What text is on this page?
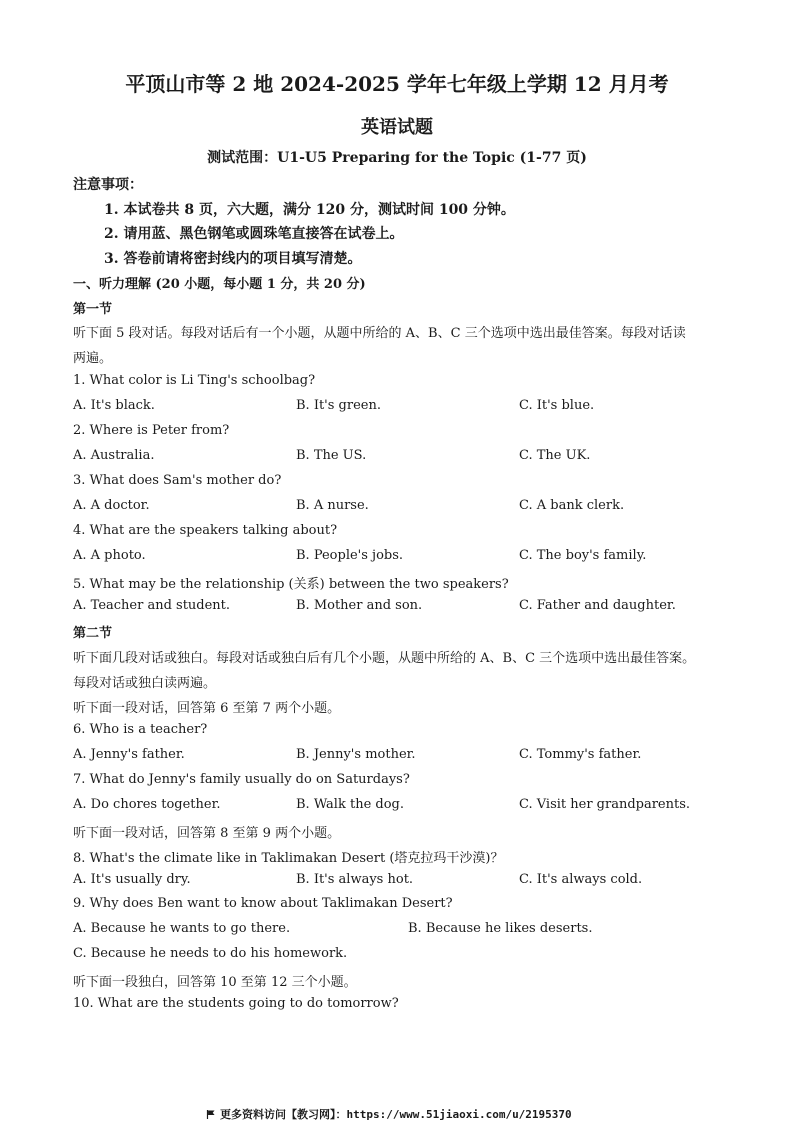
平顶山市等 2 地 2024-2025 学年七年级上学期 12 月月考
英语试题
测试范围：U1-U5 Preparing for the Topic (1-77 页)
注意事项：
1. 本试卷共 8 页，六大题，满分 120 分，测试时间 100 分钟。
2. 请用蓝、黑色钢笔或圆珠笔直接答在试卷上。
3. 答卷前请将密封线内的项目填写清楚。
一、听力理解 (20 小题，每小题 1 分，共 20 分)
第一节
听下面 5 段对话。每段对话后有一个小题，从题中所给的 A、B、C 三个选项中选出最佳答案。每段对话读
两遍。
1. What color is Li Ting's schoolbag?
A. It's black.	B. It's green.	C. It's blue.
2. Where is Peter from?
A. Australia.	B. The US.	C. The UK.
3. What does Sam's mother do?
A. A doctor.	B. A nurse.	C. A bank clerk.
4. What are the speakers talking about?
A. A photo.	B. People's jobs.	C. The boy's family.
5. What may be the relationship (关系) between the two speakers?
A. Teacher and student.	B. Mother and son.	C. Father and daughter.
第二节
听下面几段对话或独白。每段对话或独白后有几个小题，从题中所给的 A、B、C 三个选项中选出最佳答案。
每段对话或独白读两遍。
听下面一段对话，回答第 6 至第 7 两个小题。
6. Who is a teacher?
A. Jenny's father.	B. Jenny's mother.	C. Tommy's father.
7. What do Jenny's family usually do on Saturdays?
A. Do chores together.	B. Walk the dog.	C. Visit her grandparents.
听下面一段对话，回答第 8 至第 9 两个小题。
8. What's the climate like in Taklimakan Desert (塔克拉玛干沙漠)？
A. It's usually dry.	B. It's always hot.	C. It's always cold.
9. Why does Ben want to know about Taklimakan Desert?
A. Because he wants to go there.	B. Because he likes deserts.
C. Because he needs to do his homework.
听下面一段独白，回答第 10 至第 12 三个小题。
10. What are the students going to do tomorrow?
更多资料访问【教习网】：https://www.51jiaoxi.com/u/2195370
